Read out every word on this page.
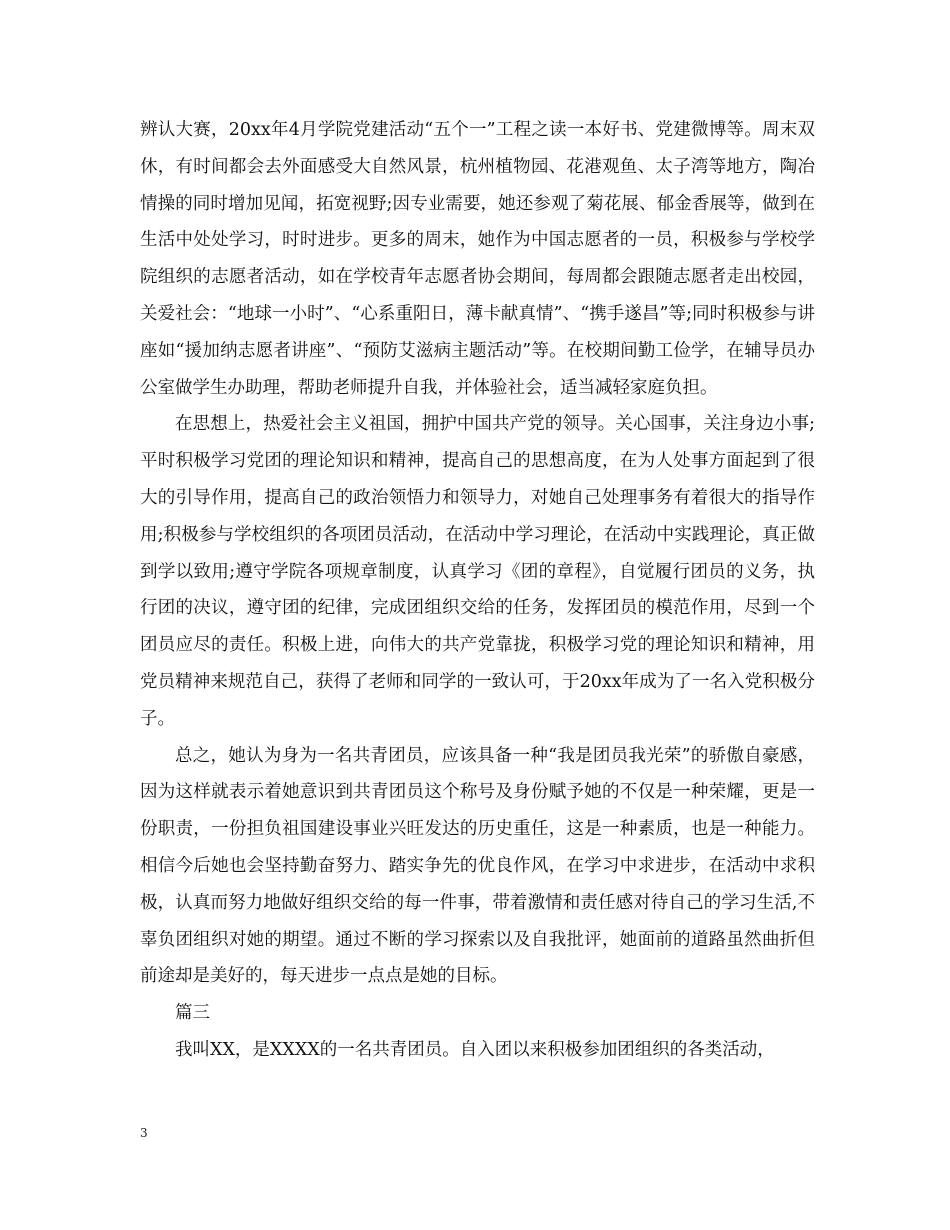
辨认大赛，20xx年4月学院党建活动“五个一”工程之读一本好书、党建微博等。周末双休，有时间都会去外面感受大自然风景，杭州植物园、花港观鱼、太子湾等地方，陶冶情操的同时增加见闻，拓宽视野;因专业需要，她还参观了菊花展、郁金香展等，做到在生活中处处学习，时时进步。更多的周末，她作为中国志愿者的一员，积极参与学校学院组织的志愿者活动，如在学校青年志愿者协会期间，每周都会跟随志愿者走出校园，关爱社会：“地球一小时”、“心系重阳日，薄卡献真情”、“携手遂昌”等;同时积极参与讲座如“援加纳志愿者讲座”、“预防艾滋病主题活动”等。在校期间勤工俭学，在辅导员办公室做学生办助理，帮助老师提升自我，并体验社会，适当减轻家庭负担。

在思想上，热爱社会主义祖国，拥护中国共产党的领导。关心国事，关注身边小事;平时积极学习党团的理论知识和精神，提高自己的思想高度，在为人处事方面起到了很大的引导作用，提高自己的政治领悟力和领导力，对她自己处理事务有着很大的指导作用;积极参与学校组织的各项团员活动，在活动中学习理论，在活动中实践理论，真正做到学以致用;遵守学院各项规章制度，认真学习《团的章程》，自觉履行团员的义务，执行团的决议，遵守团的纪律，完成团组织交给的任务，发挥团员的模范作用，尽到一个团员应尽的责任。积极上进，向伟大的共产党靠拢，积极学习党的理论知识和精神，用党员精神来规范自己，获得了老师和同学的一致认可，于20xx年成为了一名入党积极分子。

总之，她认为身为一名共青团员，应该具备一种“我是团员我光荣”的骄傲自豪感，因为这样就表示着她意识到共青团员这个称号及身份赋予她的不仅是一种荣耀，更是一份职责，一份担负祖国建设事业兴旺发达的历史重任，这是一种素质，也是一种能力。相信今后她也会坚持勤奋努力、踏实争先的优良作风，在学习中求进步，在活动中求积极，认真而努力地做好组织交给的每一件事，带着激情和责任感对待自己的学习生活,不辜负团组织对她的期望。通过不断的学习探索以及自我批评，她面前的道路虽然曲折但前途却是美好的，每天进步一点点是她的目标。

篇三

我叫XX，是XXXX的一名共青团员。自入团以来积极参加团组织的各类活动，

3
